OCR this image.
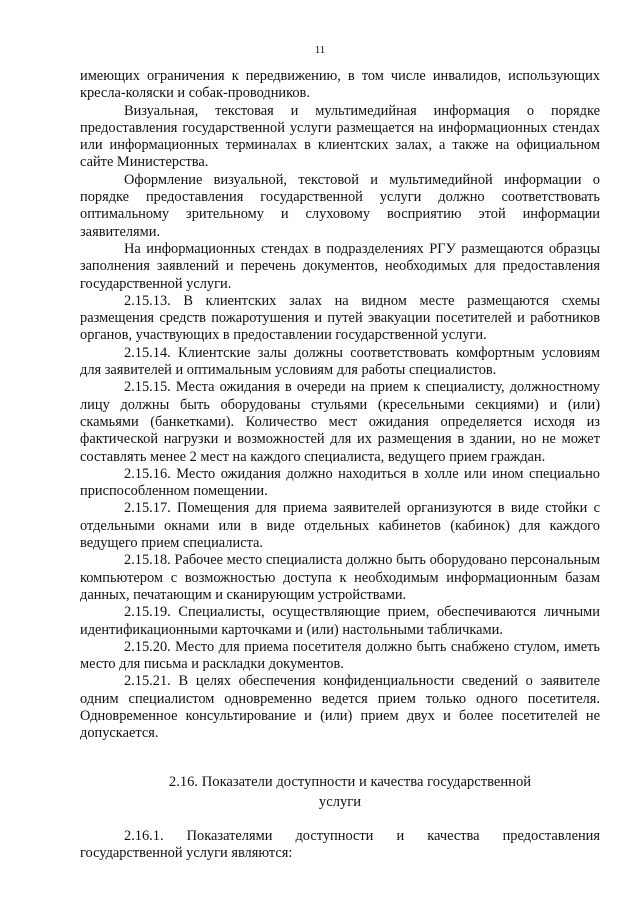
11

имеющих ограничения к передвижению, в том числе инвалидов, использующих кресла-коляски и собак-проводников.

Визуальная, текстовая и мультимедийная информация о порядке предоставления государственной услуги размещается на информационных стендах или информационных терминалах в клиентских залах, а также на официальном сайте Министерства.

Оформление визуальной, текстовой и мультимедийной информации о порядке предоставления государственной услуги должно соответствовать оптимальному зрительному и слуховому восприятию этой информации заявителями.

На информационных стендах в подразделениях РГУ размещаются образцы заполнения заявлений и перечень документов, необходимых для предоставления государственной услуги.

2.15.13. В клиентских залах на видном месте размещаются схемы размещения средств пожаротушения и путей эвакуации посетителей и работников органов, участвующих в предоставлении государственной услуги.

2.15.14. Клиентские залы должны соответствовать комфортным условиям для заявителей и оптимальным условиям для работы специалистов.

2.15.15. Места ожидания в очереди на прием к специалисту, должностному лицу должны быть оборудованы стульями (кресельными секциями) и (или) скамьями (банкетками). Количество мест ожидания определяется исходя из фактической нагрузки и возможностей для их размещения в здании, но не может составлять менее 2 мест на каждого специалиста, ведущего прием граждан.

2.15.16. Место ожидания должно находиться в холле или ином специально приспособленном помещении.

2.15.17. Помещения для приема заявителей организуются в виде стойки с отдельными окнами или в виде отдельных кабинетов (кабинок) для каждого ведущего прием специалиста.

2.15.18. Рабочее место специалиста должно быть оборудовано персональным компьютером с возможностью доступа к необходимым информационным базам данных, печатающим и сканирующим устройствами.

2.15.19. Специалисты, осуществляющие прием, обеспечиваются личными идентификационными карточками и (или) настольными табличками.

2.15.20. Место для приема посетителя должно быть снабжено стулом, иметь место для письма и раскладки документов.

2.15.21. В целях обеспечения конфиденциальности сведений о заявителе одним специалистом одновременно ведется прием только одного посетителя. Одновременное консультирование и (или) прием двух и более посетителей не допускается.

2.16. Показатели доступности и качества государственной
услуги

2.16.1. Показателями доступности и качества предоставления государственной услуги являются:
